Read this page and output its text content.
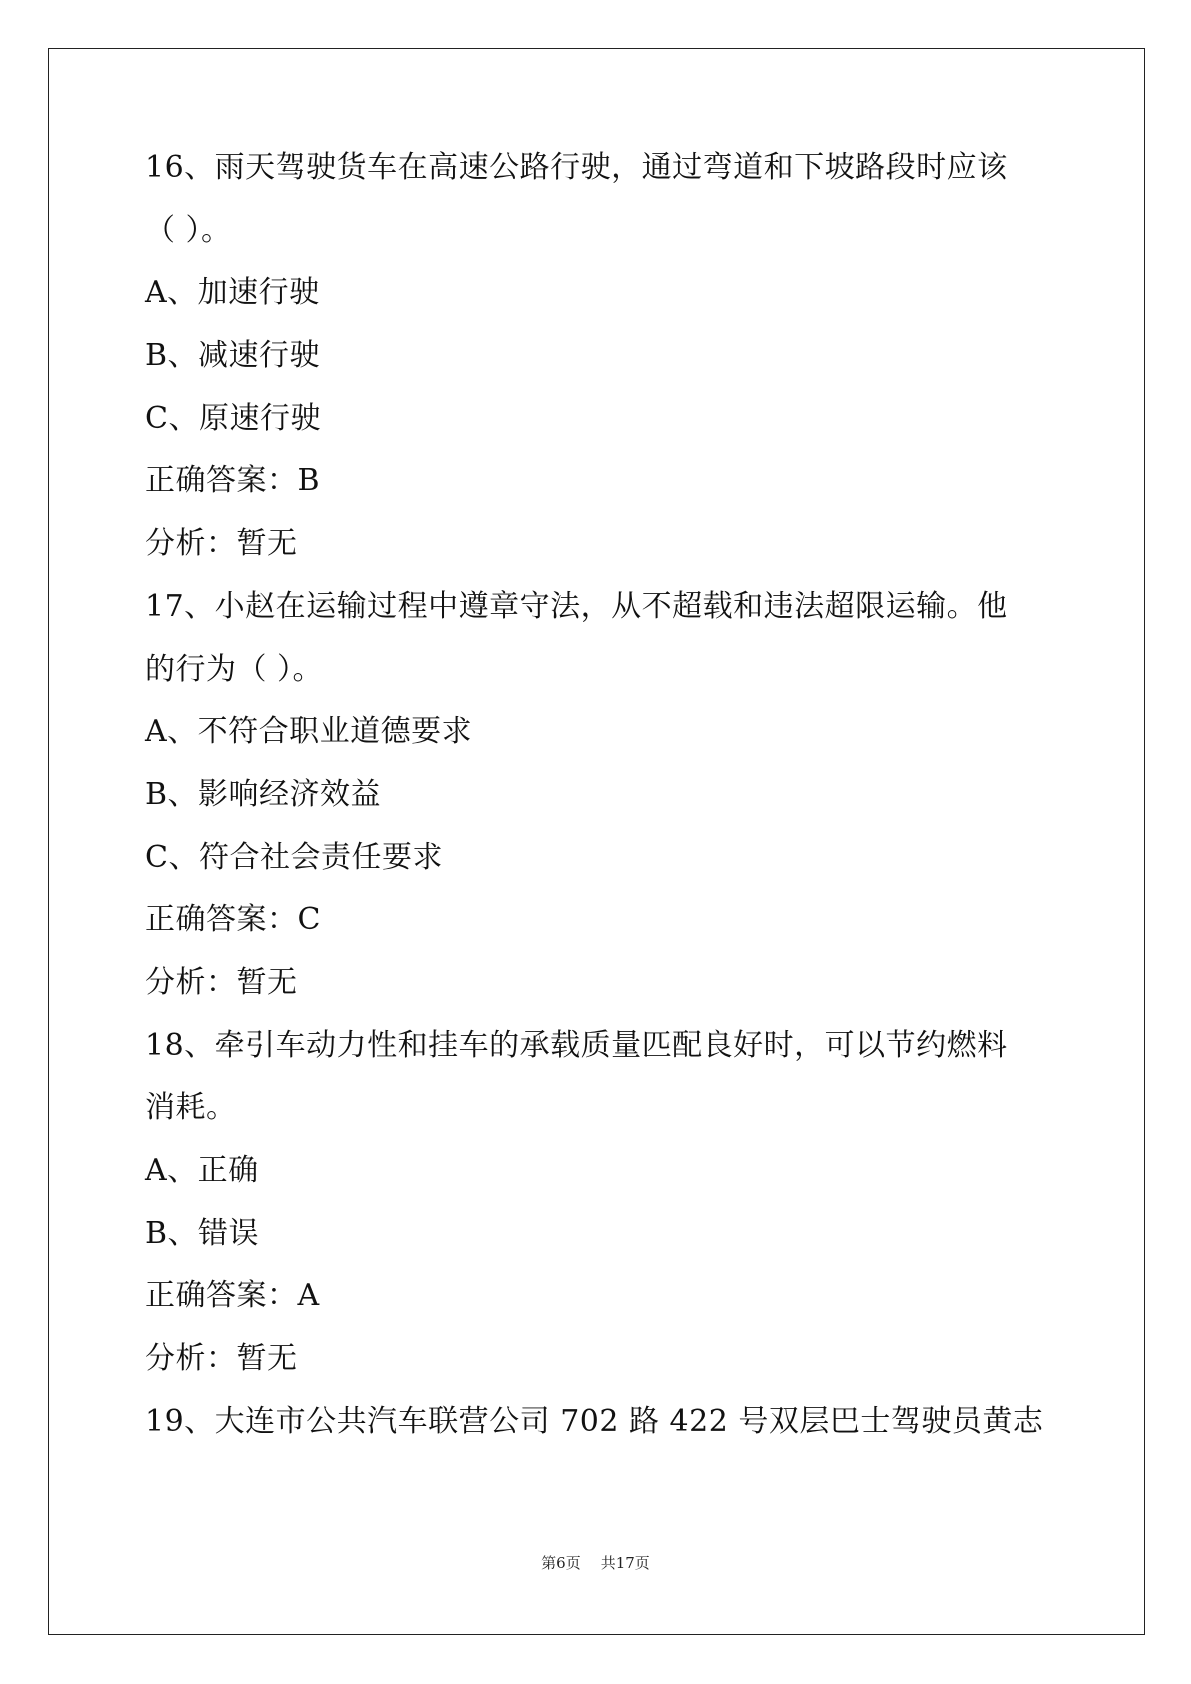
16、雨天驾驶货车在高速公路行驶，通过弯道和下坡路段时应该
（ ）。
A、加速行驶
B、减速行驶
C、原速行驶
正确答案：B
分析：暂无
17、小赵在运输过程中遵章守法，从不超载和违法超限运输。他
的行为（ ）。
A、不符合职业道德要求
B、影响经济效益
C、符合社会责任要求
正确答案：C
分析：暂无
18、牵引车动力性和挂车的承载质量匹配良好时，可以节约燃料
消耗。
A、正确
B、错误
正确答案：A
分析：暂无
19、大连市公共汽车联营公司 702 路 422 号双层巴士驾驶员黄志
第6页 共17页
